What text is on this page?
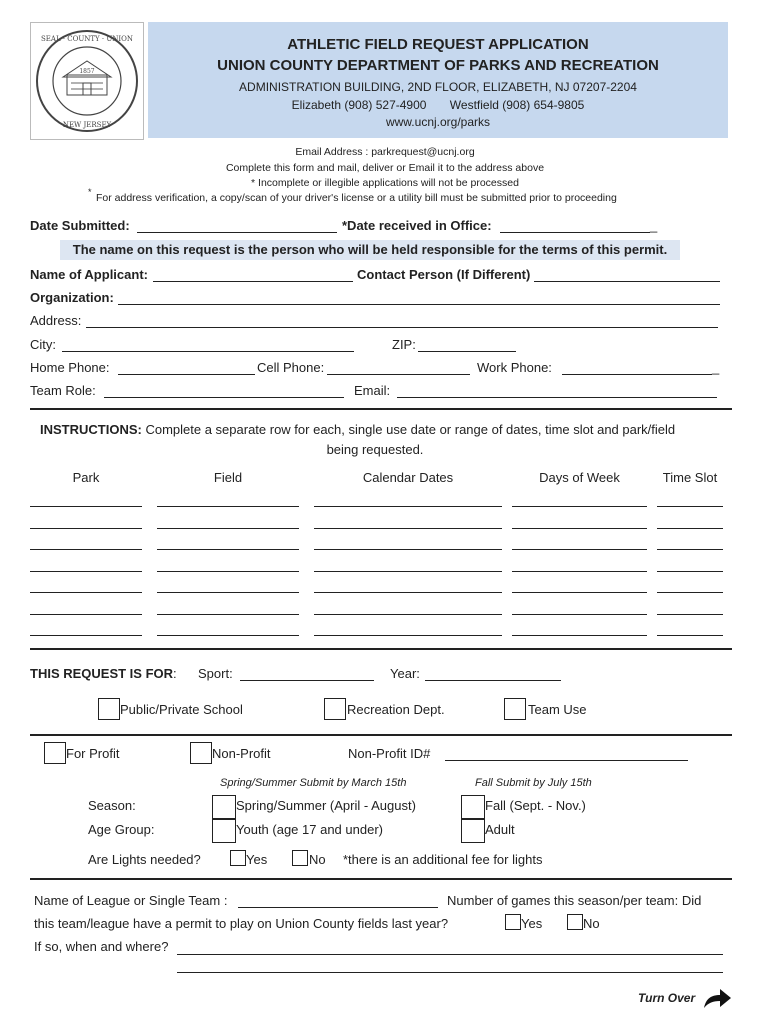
SEAL · COUNTY · UNION
NEW JERSEY
1857
ATHLETIC FIELD REQUEST APPLICATION
UNION COUNTY DEPARTMENT OF PARKS AND RECREATION
ADMINISTRATION BUILDING, 2ND FLOOR, ELIZABETH, NJ 07207-2204
Elizabeth (908) 527-4900 Westfield (908) 654-9805
www.ucnj.org/parks
Email Address : parkrequest@ucnj.org
Complete this form and mail, deliver or Email it to the address above
* Incomplete or illegible applications will not be processed
* For address verification, a copy/scan of your driver's license or a utility bill must be submitted prior to proceeding
Date Submitted:	*Date received in Office:	_
The name on this request is the person who will be held responsible for the terms of this permit.
Name of Applicant:	Contact Person (If Different)
Organization:
Address:
City:	ZIP:
Home Phone:	Cell Phone:	Work Phone:	_
Team Role:	Email:
INSTRUCTIONS: Complete a separate row for each, single use date or range of dates, time slot and park/field
being requested.
Park	Field	Calendar Dates	Days of Week	Time Slot
THIS REQUEST IS FOR: Sport:	Year:
Public/Private School	Recreation Dept.	Team Use
For Profit	Non-Profit	Non-Profit ID#
Spring/Summer Submit by March 15th	Fall Submit by July 15th
Season:	Spring/Summer (April - August)	Fall (Sept. - Nov.)
Age Group:	Youth (age 17 and under)	Adult
Are Lights needed?	Yes	No *there is an additional fee for lights
Name of League or Single Team :	Number of games this season/per team: Did
this team/league have a permit to play on Union County fields last year?	Yes	No
If so, when and where?
Turn Over
